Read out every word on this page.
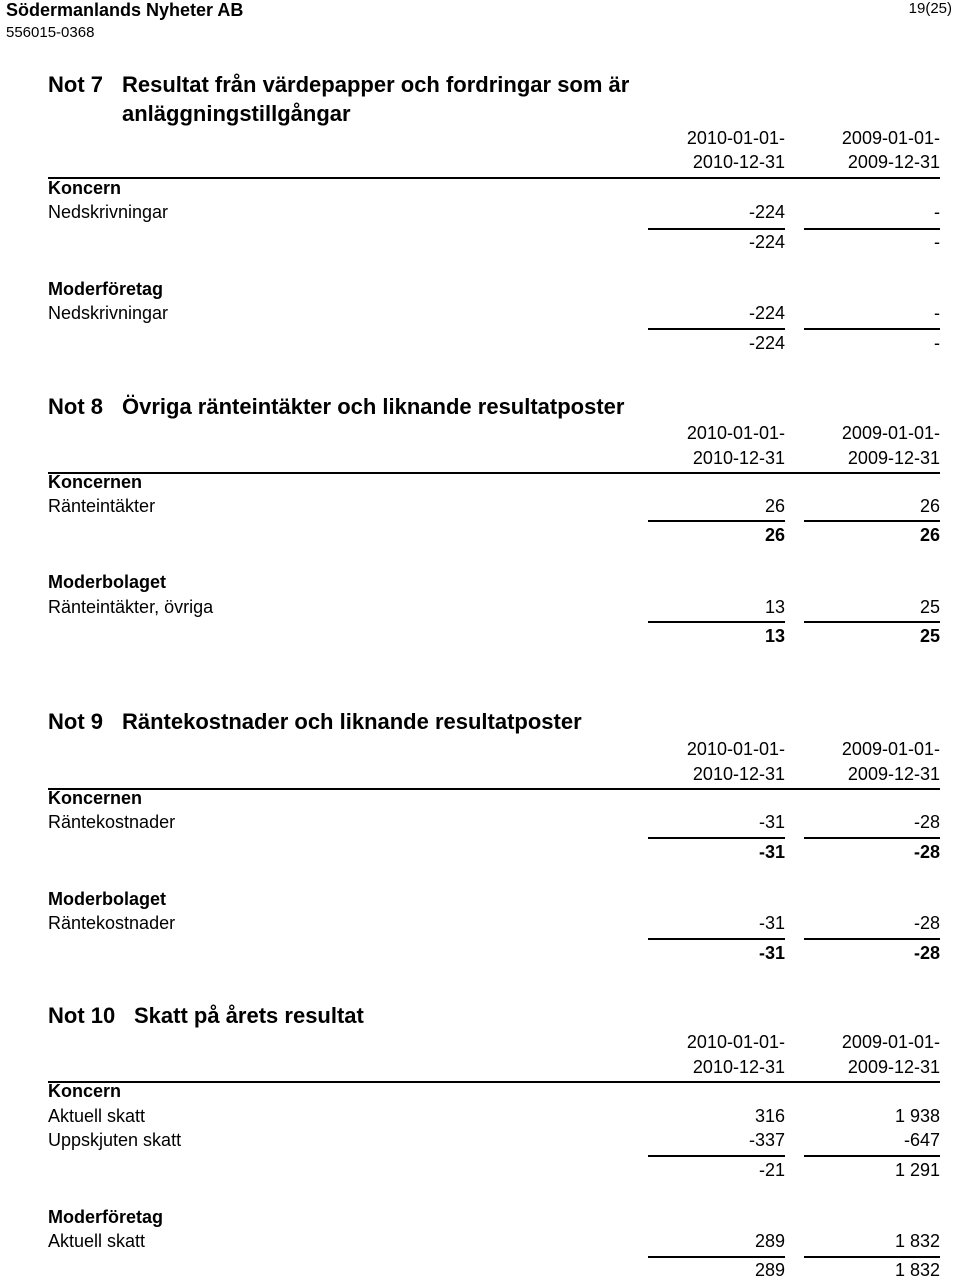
Södermanlands Nyheter AB
556015-0368
19(25)
Not 7 Resultat från värdepapper och fordringar som är
anläggningstillgångar
2010-01-01-
2010-12-31
2009-01-01-
2009-12-31
Koncern
Nedskrivningar	-224	-
-224	-
Moderföretag
Nedskrivningar	-224	-
-224	-
Not 8 Övriga ränteintäkter och liknande resultatposter
2010-01-01-
2010-12-31
2009-01-01-
2009-12-31
Koncernen
Ränteintäkter	26	26
26	26
Moderbolaget
Ränteintäkter, övriga	13	25
13	25
Not 9 Räntekostnader och liknande resultatposter
2010-01-01-
2010-12-31
2009-01-01-
2009-12-31
Koncernen
Räntekostnader	-31	-28
-31	-28
Moderbolaget
Räntekostnader	-31	-28
-31	-28
Not 10 Skatt på årets resultat
2010-01-01-
2010-12-31
2009-01-01-
2009-12-31
Koncern
Aktuell skatt	316	1 938
Uppskjuten skatt	-337	-647
-21	1 291
Moderföretag
Aktuell skatt	289	1 832
289	1 832
